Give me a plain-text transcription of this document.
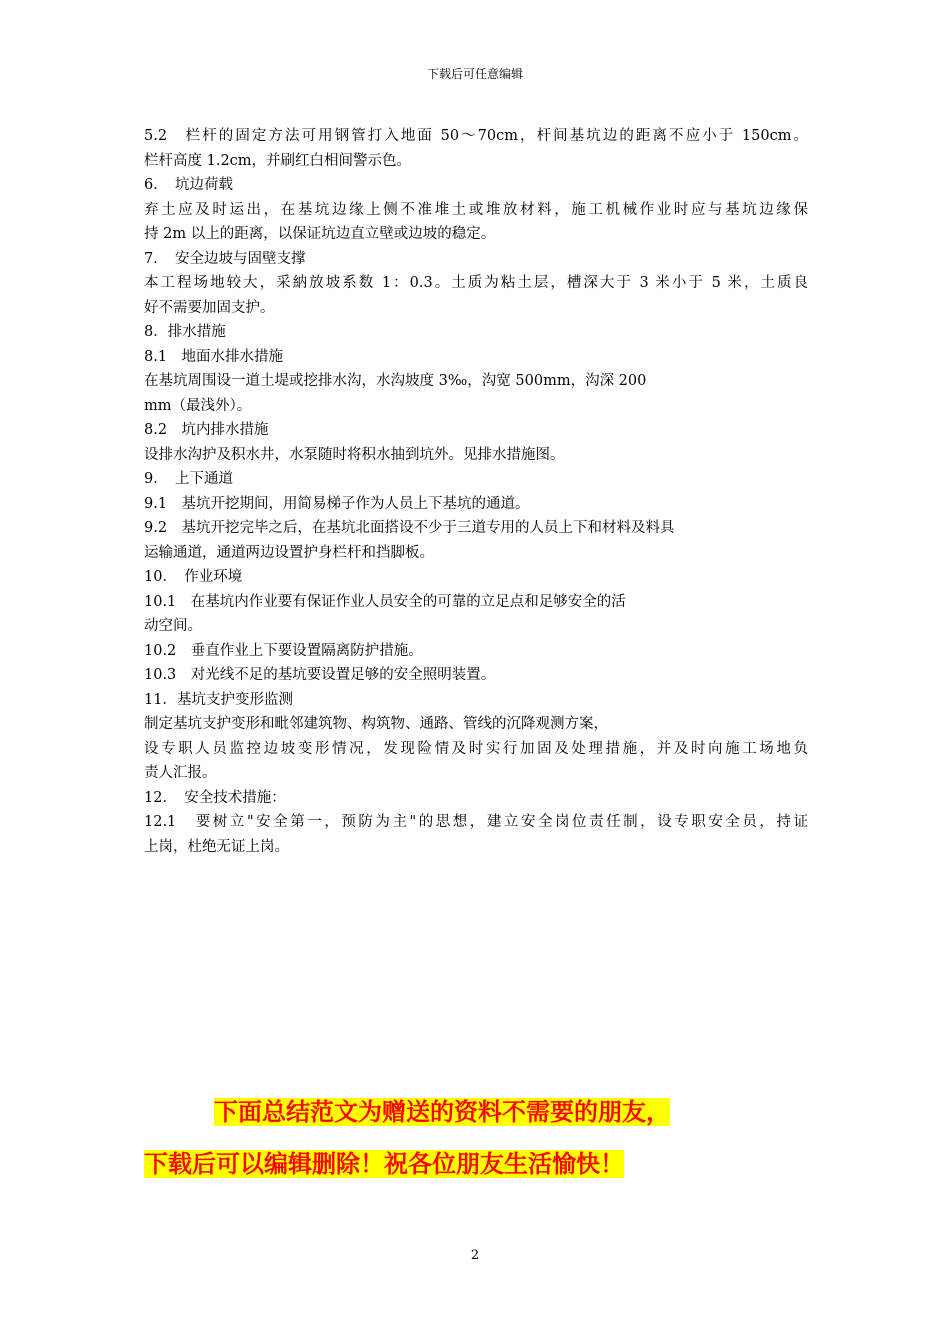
下载后可任意编辑

5.2　栏杆的固定方法可用钢管打入地面 50～70cm，杆间基坑边的距离不应小于 150cm。

栏杆高度 1.2cm，并刷红白相间警示色。

6．　坑边荷载

弃土应及时运出，在基坑边缘上侧不准堆土或堆放材料，施工机械作业时应与基坑边缘保

持 2m 以上的距离，以保证坑边直立壁或边坡的稳定。

7．　安全边坡与固壁支撑

本工程场地较大，采納放坡系数 1：0.3。土质为粘土层，槽深大于 3 米小于 5 米，土质良

好不需要加固支护。

8．排水措施

8.1　地面水排水措施

在基坑周围设一道土堤或挖排水沟，水沟坡度 3‰，沟宽 500mm，沟深 200

mm（最浅外）。

8.2　坑内排水措施

设排水沟护及积水井，水泵随时将积水抽到坑外。见排水措施图。

9．　上下通道

9.1　基坑开挖期间，用简易梯子作为人员上下基坑的通道。

9.2　基坑开挖完毕之后，在基坑北面搭设不少于三道专用的人员上下和材料及料具

运输通道，通道两边设置护身栏杆和挡脚板。

10．　作业环境

10.1　在基坑内作业要有保证作业人员安全的可靠的立足点和足够安全的活

动空间。

10.2　垂直作业上下要设置隔离防护措施。

10.3　对光线不足的基坑要设置足够的安全照明装置。

11．基坑支护变形监测

制定基坑支护变形和毗邻建筑物、构筑物、通路、管线的沉降观测方案，

设专职人员监控边坡变形情况，发现险情及时实行加固及处理措施，并及时向施工场地负

责人汇报。

12．　安全技术措施：

12.1　要树立"安全第一，预防为主"的思想，建立安全岗位责任制，设专职安全员，持证

上岗，杜绝无证上岗。

下面总结范文为赠送的资料不需要的朋友，
下载后可以编辑删除！祝各位朋友生活愉快！
2
